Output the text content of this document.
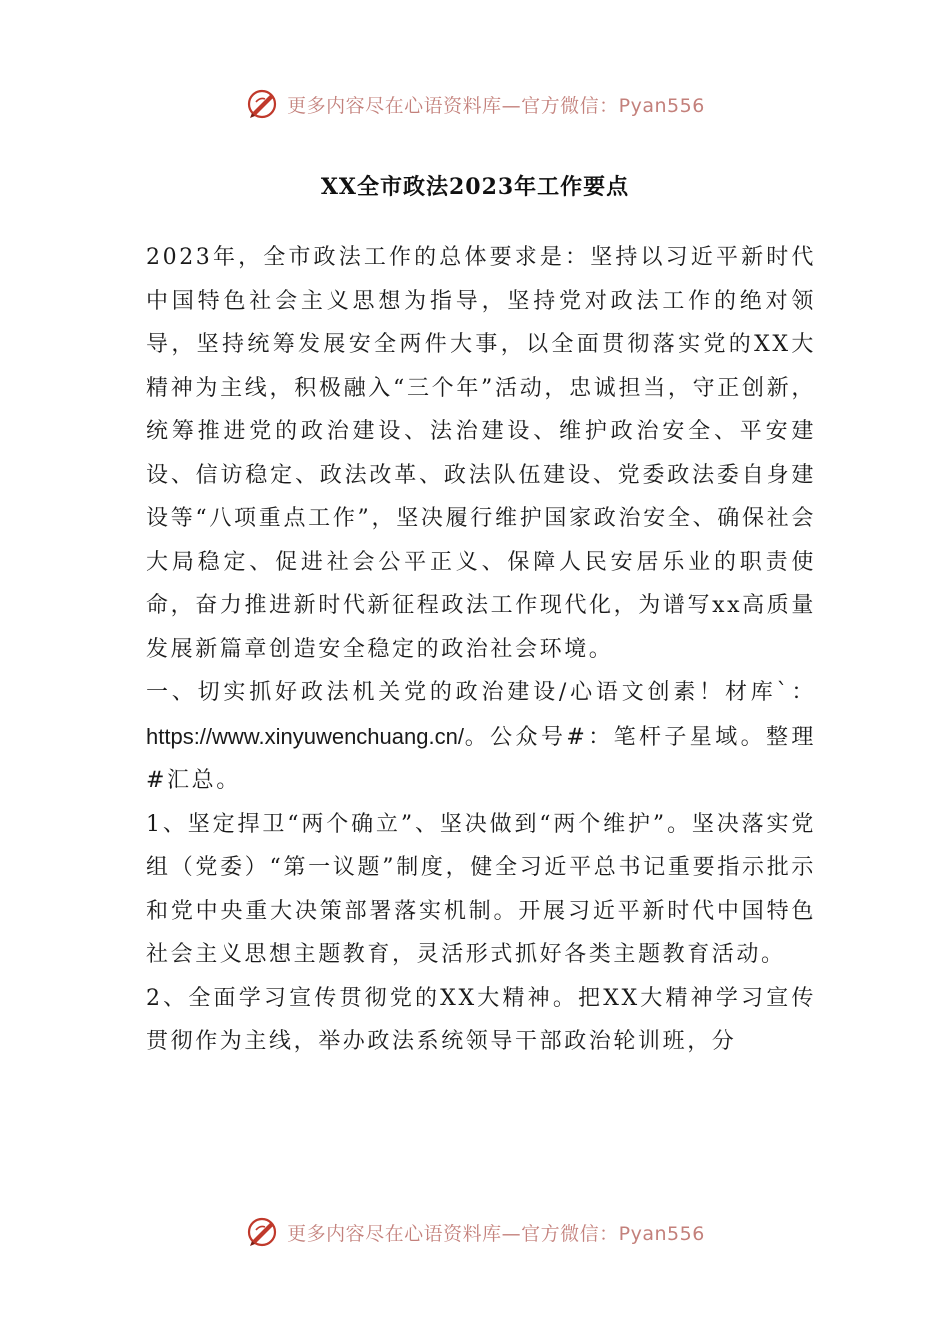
更多内容尽在心语资料库—官方微信：Pyan556
XX全市政法2023年工作要点

2023年，全市政法工作的总体要求是：坚持以习近平新时代中国特色社会主义思想为指导，坚持党对政法工作的绝对领导，坚持统筹发展安全两件大事，以全面贯彻落实党的XX大精神为主线，积极融入“三个年”活动，忠诚担当，守正创新，统筹推进党的政治建设、法治建设、维护政治安全、平安建设、信访稳定、政法改革、政法队伍建设、党委政法委自身建设等“八项重点工作”，坚决履行维护国家政治安全、确保社会大局稳定、促进社会公平正义、保障人民安居乐业的职责使命，奋力推进新时代新征程政法工作现代化，为谱写xx高质量发展新篇章创造安全稳定的政治社会环境。

一、切实抓好政法机关党的政治建设/心语文创素！材库`：https://www.xinyuwenchuang.cn/。公众号#：笔杆子星域。整理#汇总。

1、坚定捍卫“两个确立”、坚决做到“两个维护”。坚决落实党组（党委）“第一议题”制度，健全习近平总书记重要指示批示和党中央重大决策部署落实机制。开展习近平新时代中国特色社会主义思想主题教育，灵活形式抓好各类主题教育活动。

2、全面学习宣传贯彻党的XX大精神。把XX大精神学习宣传贯彻作为主线，举办政法系统领导干部政治轮训班，分

更多内容尽在心语资料库—官方微信：Pyan556
